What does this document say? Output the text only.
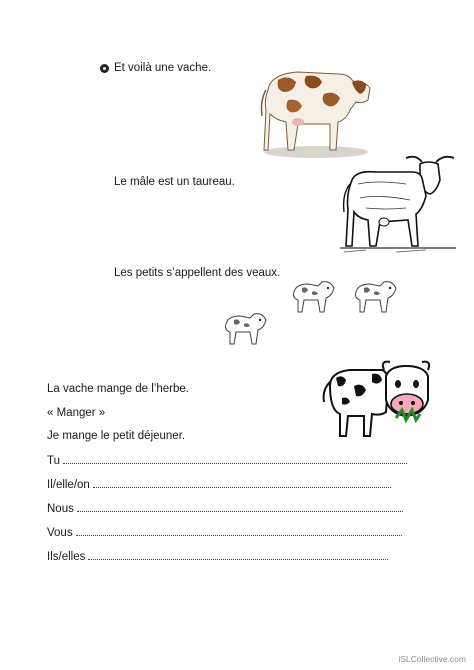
Et voilà une vache.
Le mâle est un taureau.
Les petits s’appellent des veaux.
La vache mange de l’herbe.
« Manger »
Je mange le petit déjeuner.
Tu
Il/elle/on
Nous
Vous
Ils/elles
iSLCollective.com
